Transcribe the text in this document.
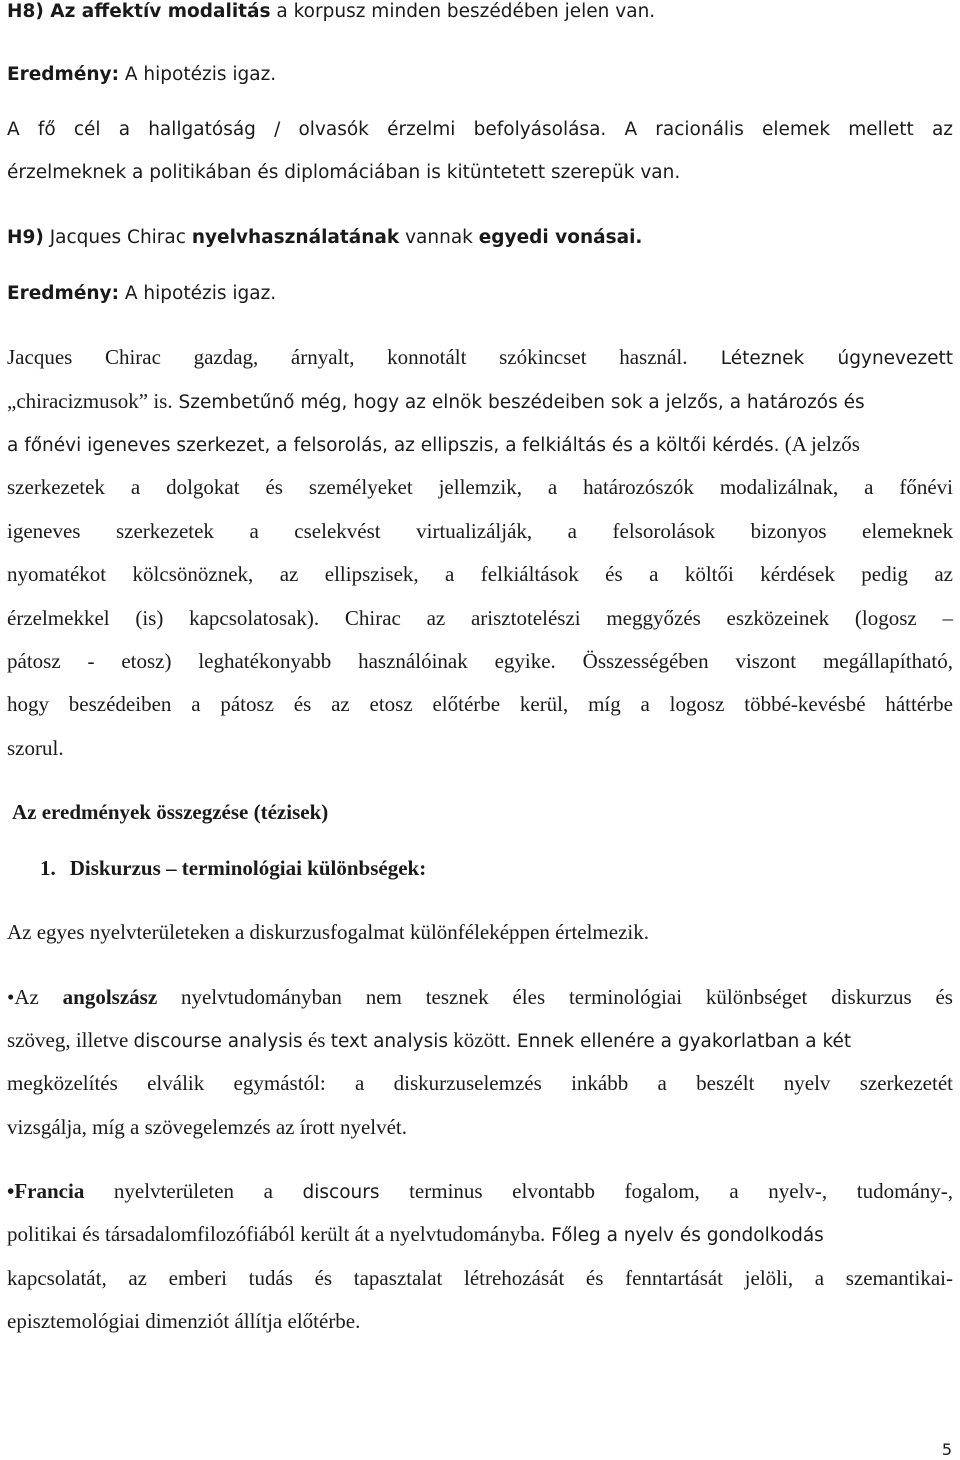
H8) Az affektív modalitás a korpusz minden beszédében jelen van.
Eredmény: A hipotézis igaz.
A fő cél a hallgatóság / olvasók érzelmi befolyásolása. A racionális elemek mellett az
érzelmeknek a politikában és diplomáciában is kitüntetett szerepük van.
H9) Jacques Chirac nyelvhasználatának vannak egyedi vonásai.
Eredmény: A hipotézis igaz.
Jacques Chirac gazdag, árnyalt, konnotált szókincset használ. Léteznek úgynevezett
„chiracizmusok” is. Szembetűnő még, hogy az elnök beszédeiben sok a jelzős, a határozós és
a főnévi igeneves szerkezet, a felsorolás, az ellipszis, a felkiáltás és a költői kérdés. (A jelzős
szerkezetek a dolgokat és személyeket jellemzik, a határozószók modalizálnak, a főnévi
igeneves szerkezetek a cselekvést virtualizálják, a felsorolások bizonyos elemeknek
nyomatékot kölcsönöznek, az ellipszisek, a felkiáltások és a költői kérdések pedig az
érzelmekkel (is) kapcsolatosak). Chirac az arisztotelészi meggyőzés eszközeinek (logosz –
pátosz - etosz) leghatékonyabb használóinak egyike. Összességében viszont megállapítható,
hogy beszédeiben a pátosz és az etosz előtérbe kerül, míg a logosz többé-kevésbé háttérbe
szorul.
Az eredmények összegzése (tézisek)
1. Diskurzus – terminológiai különbségek:
Az egyes nyelvterületeken a diskurzusfogalmat különféleképpen értelmezik.
•Az angolszász nyelvtudományban nem tesznek éles terminológiai különbséget diskurzus és
szöveg, illetve discourse analysis és text analysis között. Ennek ellenére a gyakorlatban a két
megközelítés elválik egymástól: a diskurzuselemzés inkább a beszélt nyelv szerkezetét
vizsgálja, míg a szövegelemzés az írott nyelvét.
•Francia nyelvterületen a discours terminus elvontabb fogalom, a nyelv-, tudomány-,
politikai és társadalomfilozófiából került át a nyelvtudományba. Főleg a nyelv és gondolkodás
kapcsolatát, az emberi tudás és tapasztalat létrehozását és fenntartását jelöli, a szemantikai-
episztemológiai dimenziót állítja előtérbe.
5
